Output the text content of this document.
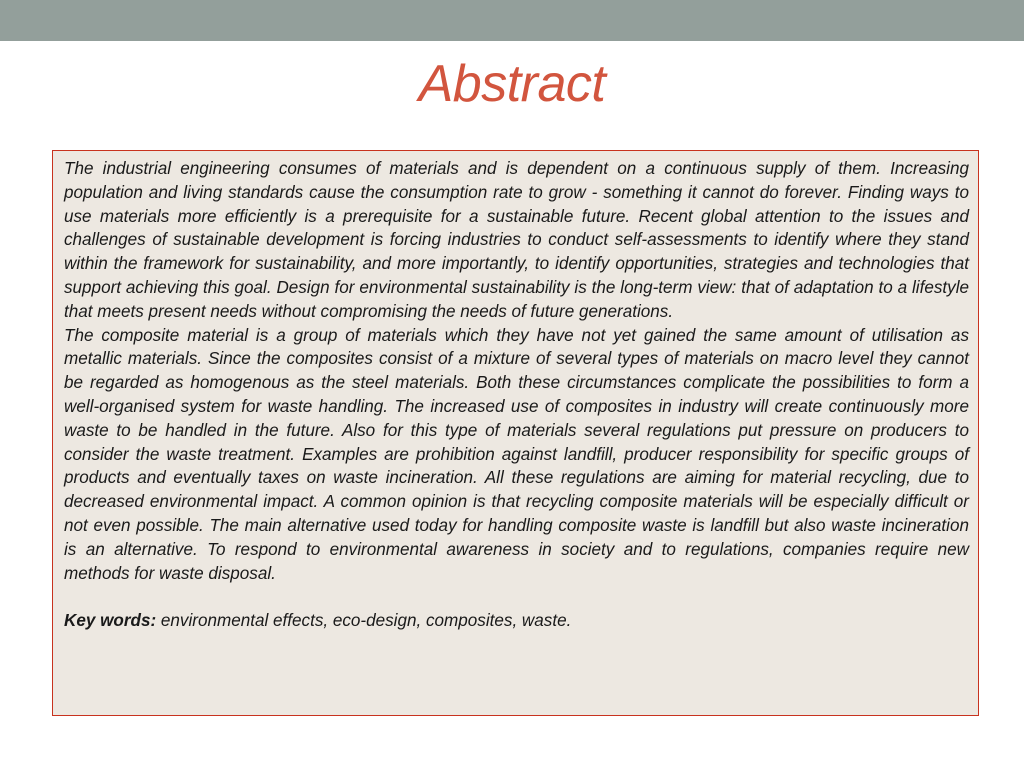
Abstract

The industrial engineering consumes of materials and is dependent on a continuous supply of them. Increasing population and living standards cause the consumption rate to grow - something it cannot do forever. Finding ways to use materials more efficiently is a prerequisite for a sustainable future. Recent global attention to the issues and challenges of sustainable development is forcing industries to conduct self-assessments to identify where they stand within the framework for sustainability, and more importantly, to identify opportunities, strategies and technologies that support achieving this goal. Design for environmental sustainability is the long-term view: that of adaptation to a lifestyle that meets present needs without compromising the needs of future generations.

The composite material is a group of materials which they have not yet gained the same amount of utilisation as metallic materials. Since the composites consist of a mixture of several types of materials on macro level they cannot be regarded as homogenous as the steel materials. Both these circumstances complicate the possibilities to form a well-organised system for waste handling. The increased use of composites in industry will create continuously more waste to be handled in the future. Also for this type of materials several regulations put pressure on producers to consider the waste treatment. Examples are prohibition against landfill, producer responsibility for specific groups of products and eventually taxes on waste incineration. All these regulations are aiming for material recycling, due to decreased environmental impact. A common opinion is that recycling composite materials will be especially difficult or not even possible. The main alternative used today for handling composite waste is landfill but also waste incineration is an alternative. To respond to environmental awareness in society and to regulations, companies require new methods for waste disposal.

Key words: environmental effects, eco-design, composites, waste.
